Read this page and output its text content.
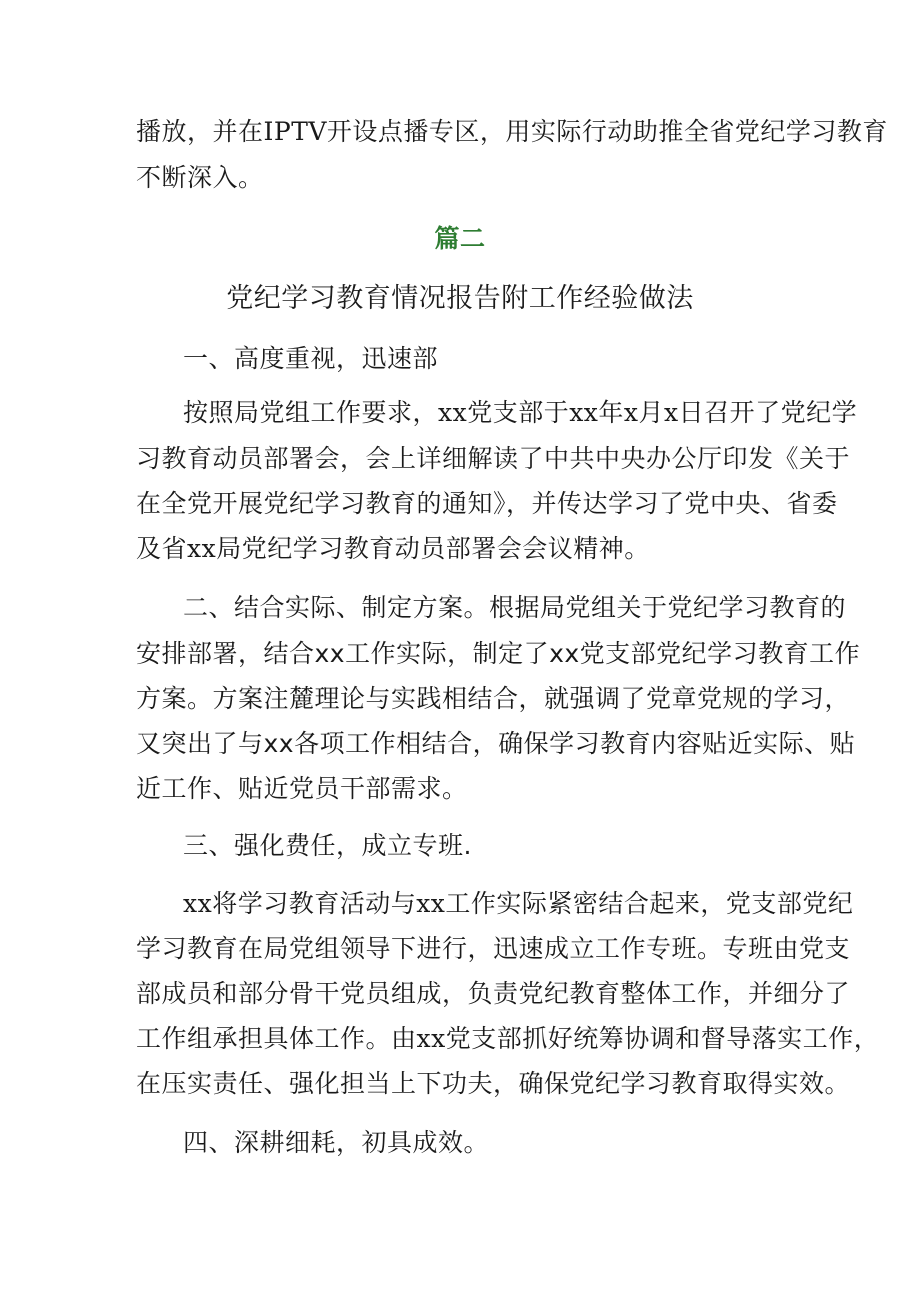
播放，并在IPTV开设点播专区，用实际行动助推全省党纪学习教育
不断深入。
篇二
党纪学习教育情况报告附工作经验做法
一、高度重视，迅速部
按照局党组工作要求，xx党支部于xx年x月x日召开了党纪学
习教育动员部署会，会上详细解读了中共中央办公厅印发《关于
在全党开展党纪学习教育的通知》，并传达学习了党中央、省委
及省xx局党纪学习教育动员部署会会议精神。
二、结合实际、制定方案。根据局党组关于党纪学习教育的
安排部署，结合xx工作实际，制定了xx党支部党纪学习教育工作
方案。方案注麓理论与实践相结合，就强调了党章党规的学习，
又突出了与xx各项工作相结合，确保学习教育内容贴近实际、贴
近工作、贴近党员干部需求。
三、强化费任，成立专班.
xx将学习教育活动与xx工作实际紧密结合起来，党支部党纪
学习教育在局党组领导下进行，迅速成立工作专班。专班由党支
部成员和部分骨干党员组成，负责党纪教育整体工作，并细分了
工作组承担具体工作。由xx党支部抓好统筹协调和督导落实工作，
在压实责任、强化担当上下功夫，确保党纪学习教育取得实效。
四、深耕细耗，初具成效。
